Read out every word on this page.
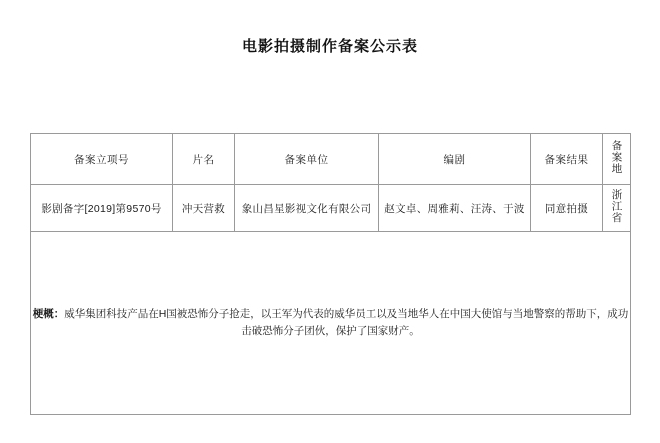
电影拍摄制作备案公示表
备案立项号	片名	备案单位	编剧	备案结果	备案地
影剧备字[2019]第9570号	冲天营救	象山昌星影视文化有限公司	赵文卓、周雅莉、汪涛、于波	同意拍摄	浙江省
梗概：威华集团科技产品在H国被恐怖分子抢走，以王军为代表的威华员工以及当地华人在中国大使馆与当地警察的帮助下，成功击破恐怖分子团伙，保护了国家财产。					
